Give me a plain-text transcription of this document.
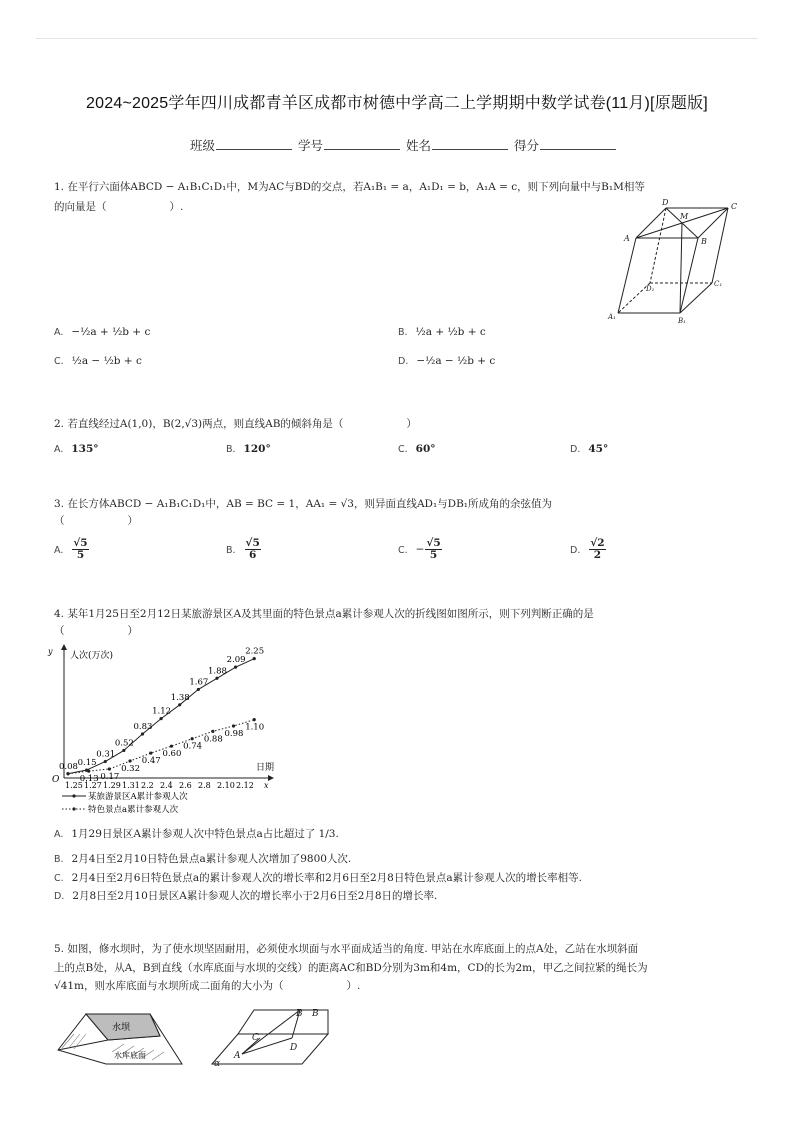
2024~2025学年四川成都青羊区成都市树德中学高二上学期期中数学试卷(11月)[原题版]
班级	学号	姓名	得分
1. 在平行六面体ABCD − A₁B₁C₁D₁中，M为AC与BD的交点，若A₁B₁ = a，A₁D₁ = b，A₁A = c，则下列向量中与B₁M相等
的向量是（　　　　　　）.	D
M
C
A	B
D₁
C₁
A₁	B₁
A. −½a + ½b + c	B. ½a + ½b + c
C. ½a − ½b + c	D. −½a − ½b + c
2. 若直线经过A(1,0)，B(2,√3)两点，则直线AB的倾斜角是（　　　　　　）
A. 135°	B. 120°	C. 60°	D. 45°
3. 在长方体ABCD − A₁B₁C₁D₁中，AB = BC = 1，AA₁ = √3，则异面直线AD₁与DB₁所成角的余弦值为
（　　　　　　）
A. $\frac{√5}{5}$	B. $\frac{√5}{6}$	C. − $\frac{√5}{5}$	D. $\frac{√2}{2}$
4. 某年1月25日至2月12日某旅游景区A及其里面的特色景点a累计参观人次的折线图如图所示，则下列判断正确的是
（　　　　　　）
y 人次(万次)
日期
x
O
1.25 1.27 1.29 1.31 2.2 2.4 2.6 2.8 2.10 2.12
0.08 0.15
0.31
0.52
0.83
1.12
1.38
1.67
1.88
2.09
2.25
0.13 0.17
0.32
0.47
0.60
0.74
0.88
0.98
1.10
某旅游景区A累计参观人次
特色景点a累计参观人次
A. 1月29日景区A累计参观人次中特色景点a占比超过了 1/3.
B. 2月4日至2月10日特色景点a累计参观人次增加了9800人次.
C. 2月4日至2月6日特色景点a的累计参观人次的增长率和2月6日至2月8日特色景点a累计参观人次的增长率相等.
D. 2月8日至2月10日景区A累计参观人次的增长率小于2月6日至2月8日的增长率.
5. 如图，修水坝时，为了使水坝坚固耐用，必须使水坝面与水平面成适当的角度. 甲站在水库底面上的点A处，乙站在水坝斜面
上的点B处，从A，B到直线（水库底面与水坝的交线）的距离AC和BD分别为3m和4m，CD的长为2m，甲乙之间拉紧的绳长为
√41m，则水库底面与水坝所成二面角的大小为（　　　　　　）.
水坝
水库底面
B B
C
D
A
α
